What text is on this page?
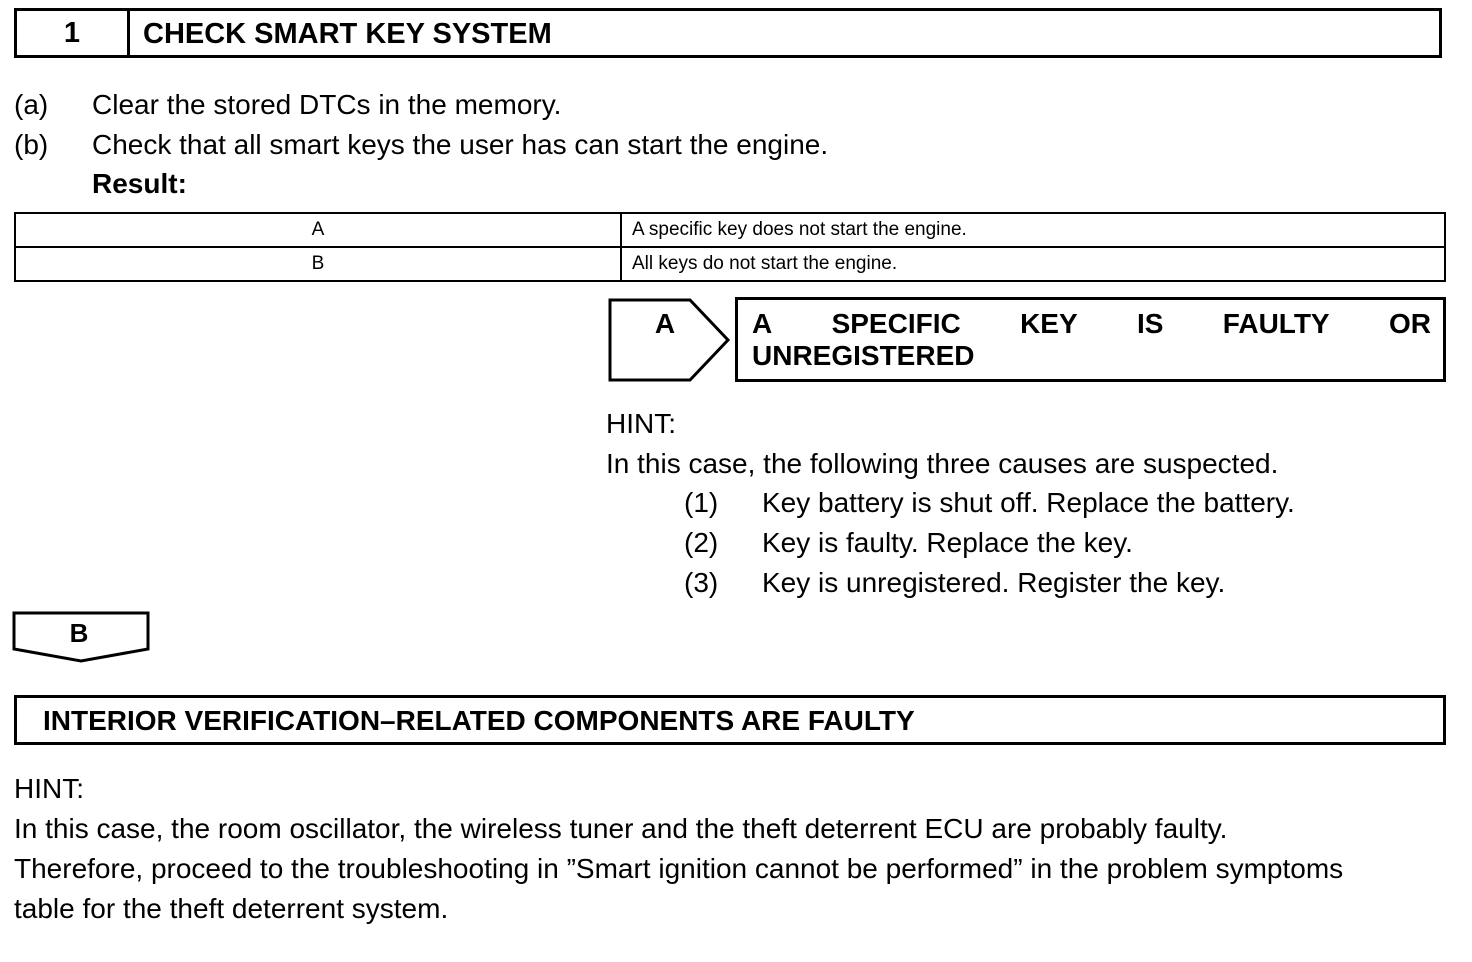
1	CHECK SMART KEY SYSTEM
(a) Clear the stored DTCs in the memory.
(b) Check that all smart keys the user has can start the engine.
Result:
A	A specific key does not start the engine.
B	All keys do not start the engine.
A	A SPECIFIC KEY IS FAULTY OR
UNREGISTERED
HINT:
In this case, the following three causes are suspected.
(1) Key battery is shut off. Replace the battery.
(2) Key is faulty. Replace the key.
(3) Key is unregistered. Register the key.
B
INTERIOR VERIFICATION–RELATED COMPONENTS ARE FAULTY
HINT:
In this case, the room oscillator, the wireless tuner and the theft deterrent ECU are probably faulty.
Therefore, proceed to the troubleshooting in ”Smart ignition cannot be performed” in the problem symptoms
table for the theft deterrent system.
